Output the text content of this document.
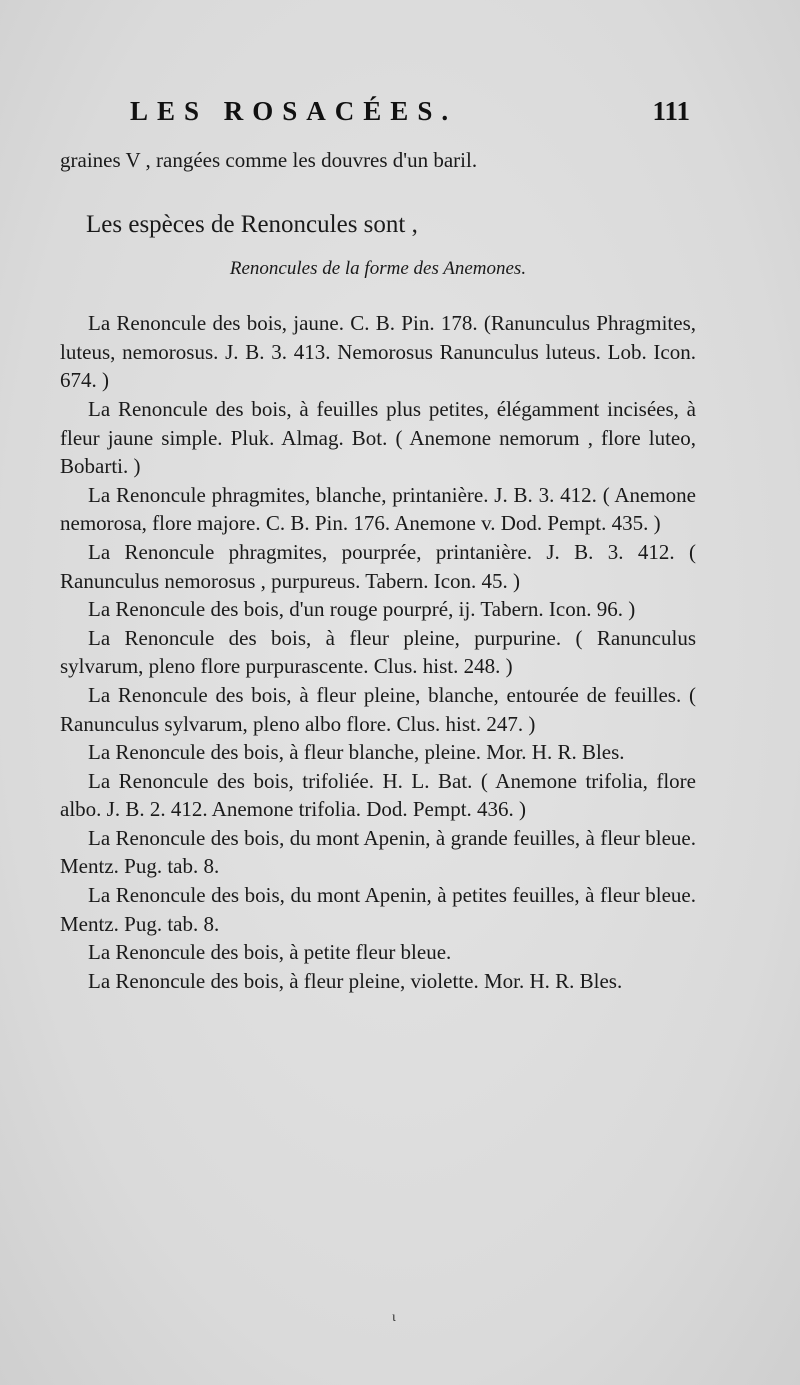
LES ROSACÉES.	111

graines V , rangées comme les douvres d'un baril.

Les espèces de Renoncules sont ,

Renoncules de la forme des Anemones.

La Renoncule des bois, jaune. C. B. Pin. 178. (Ranunculus Phragmites, luteus, nemorosus. J. B. 3. 413. Nemorosus Ranunculus luteus. Lob. Icon. 674. )

La Renoncule des bois, à feuilles plus petites, élégamment incisées, à fleur jaune simple. Pluk. Almag. Bot. ( Anemone nemorum , flore luteo, Bobarti. )

La Renoncule phragmites, blanche, printanière. J. B. 3. 412. ( Anemone nemorosa, flore majore. C. B. Pin. 176. Anemone v. Dod. Pempt. 435. )

La Renoncule phragmites, pourprée, printanière. J. B. 3. 412. ( Ranunculus nemorosus , purpureus. Tabern. Icon. 45. )

La Renoncule des bois, d'un rouge pourpré, ij. Tabern. Icon. 96. )

La Renoncule des bois, à fleur pleine, purpurine. ( Ranunculus sylvarum, pleno flore purpurascente. Clus. hist. 248. )

La Renoncule des bois, à fleur pleine, blanche, entourée de feuilles. ( Ranunculus sylvarum, pleno albo flore. Clus. hist. 247. )

La Renoncule des bois, à fleur blanche, pleine. Mor. H. R. Bles.

La Renoncule des bois, trifoliée. H. L. Bat. ( Anemone trifolia, flore albo. J. B. 2. 412. Anemone trifolia. Dod. Pempt. 436. )

La Renoncule des bois, du mont Apenin, à grande feuilles, à fleur bleue. Mentz. Pug. tab. 8.

La Renoncule des bois, du mont Apenin, à petites feuilles, à fleur bleue. Mentz. Pug. tab. 8.

La Renoncule des bois, à petite fleur bleue.

La Renoncule des bois, à fleur pleine, violette. Mor. H. R. Bles.

ι
